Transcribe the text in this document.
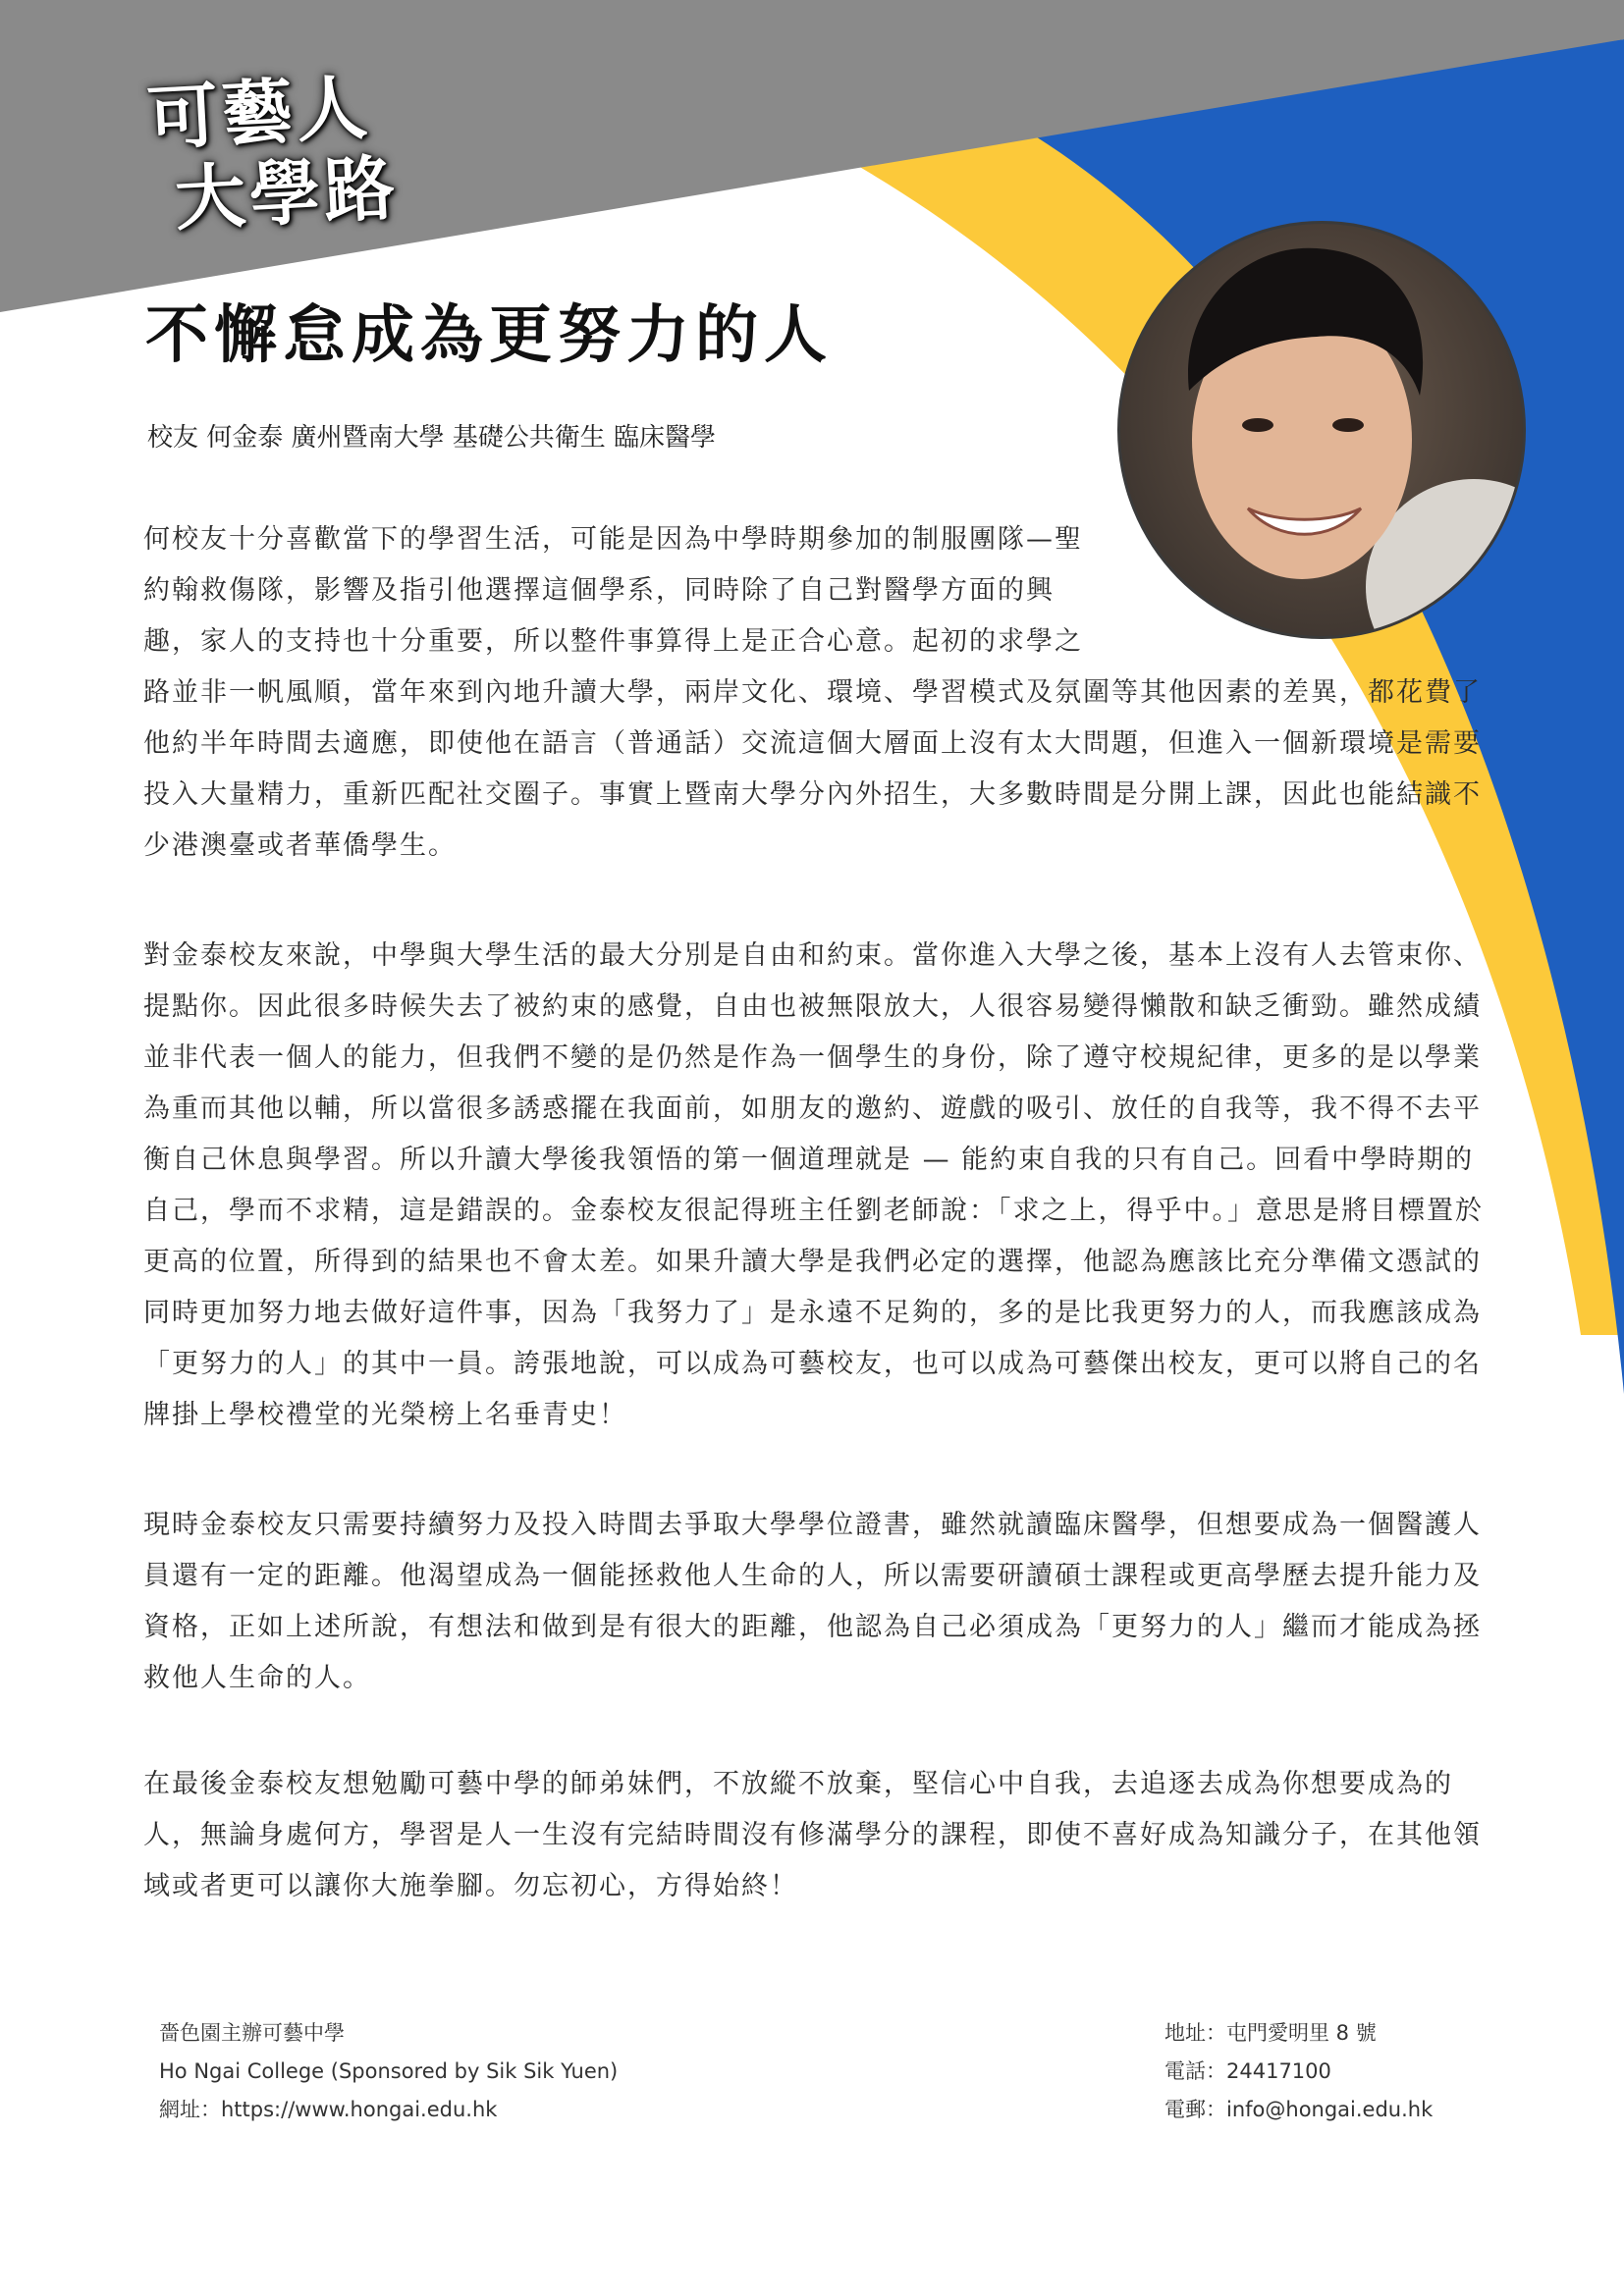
可藝人
大學路
不懈怠成為更努力的人
校友 何金泰 廣州暨南大學 基礎公共衛生 臨床醫學

何校友十分喜歡當下的學習生活，可能是因為中學時期參加的制服團隊—聖約翰救傷隊，影響及指引他選擇這個學系，同時除了自己對醫學方面的興趣，家人的支持也十分重要，所以整件事算得上是正合心意。起初的求學之路並非一帆風順，當年來到內地升讀大學，兩岸文化、環境、學習模式及氛圍等其他因素的差異，都花費了他約半年時間去適應，即使他在語言（普通話）交流這個大層面上沒有太大問題，但進入一個新環境是需要投入大量精力，重新匹配社交圈子。事實上暨南大學分內外招生，大多數時間是分開上課，因此也能結識不少港澳臺或者華僑學生。

對金泰校友來說，中學與大學生活的最大分別是自由和約束。當你進入大學之後，基本上沒有人去管束你、提點你。因此很多時候失去了被約束的感覺，自由也被無限放大，人很容易變得懶散和缺乏衝勁。雖然成績並非代表一個人的能力，但我們不變的是仍然是作為一個學生的身份，除了遵守校規紀律，更多的是以學業為重而其他以輔，所以當很多誘惑擺在我面前，如朋友的邀約、遊戲的吸引、放任的自我等，我不得不去平衡自己休息與學習。所以升讀大學後我領悟的第一個道理就是 — 能約束自我的只有自己。回看中學時期的自己，學而不求精，這是錯誤的。金泰校友很記得班主任劉老師說：「求之上，得乎中。」意思是將目標置於更高的位置，所得到的結果也不會太差。如果升讀大學是我們必定的選擇，他認為應該比充分準備文憑試的同時更加努力地去做好這件事，因為「我努力了」是永遠不足夠的，多的是比我更努力的人，而我應該成為「更努力的人」的其中一員。誇張地說，可以成為可藝校友，也可以成為可藝傑出校友，更可以將自己的名牌掛上學校禮堂的光榮榜上名垂青史！

現時金泰校友只需要持續努力及投入時間去爭取大學學位證書，雖然就讀臨床醫學，但想要成為一個醫護人員還有一定的距離。他渴望成為一個能拯救他人生命的人，所以需要研讀碩士課程或更高學歷去提升能力及資格，正如上述所說，有想法和做到是有很大的距離，他認為自己必須成為「更努力的人」繼而才能成為拯救他人生命的人。

在最後金泰校友想勉勵可藝中學的師弟妹們，不放縱不放棄，堅信心中自我，去追逐去成為你想要成為的人，無論身處何方，學習是人一生沒有完結時間沒有修滿學分的課程，即使不喜好成為知識分子，在其他領域或者更可以讓你大施拳腳。勿忘初心，方得始終！

嗇色園主辦可藝中學
Ho Ngai College (Sponsored by Sik Sik Yuen)
網址：https://www.hongai.edu.hk
地址：屯門愛明里 8 號
電話：24417100
電郵：info@hongai.edu.hk
